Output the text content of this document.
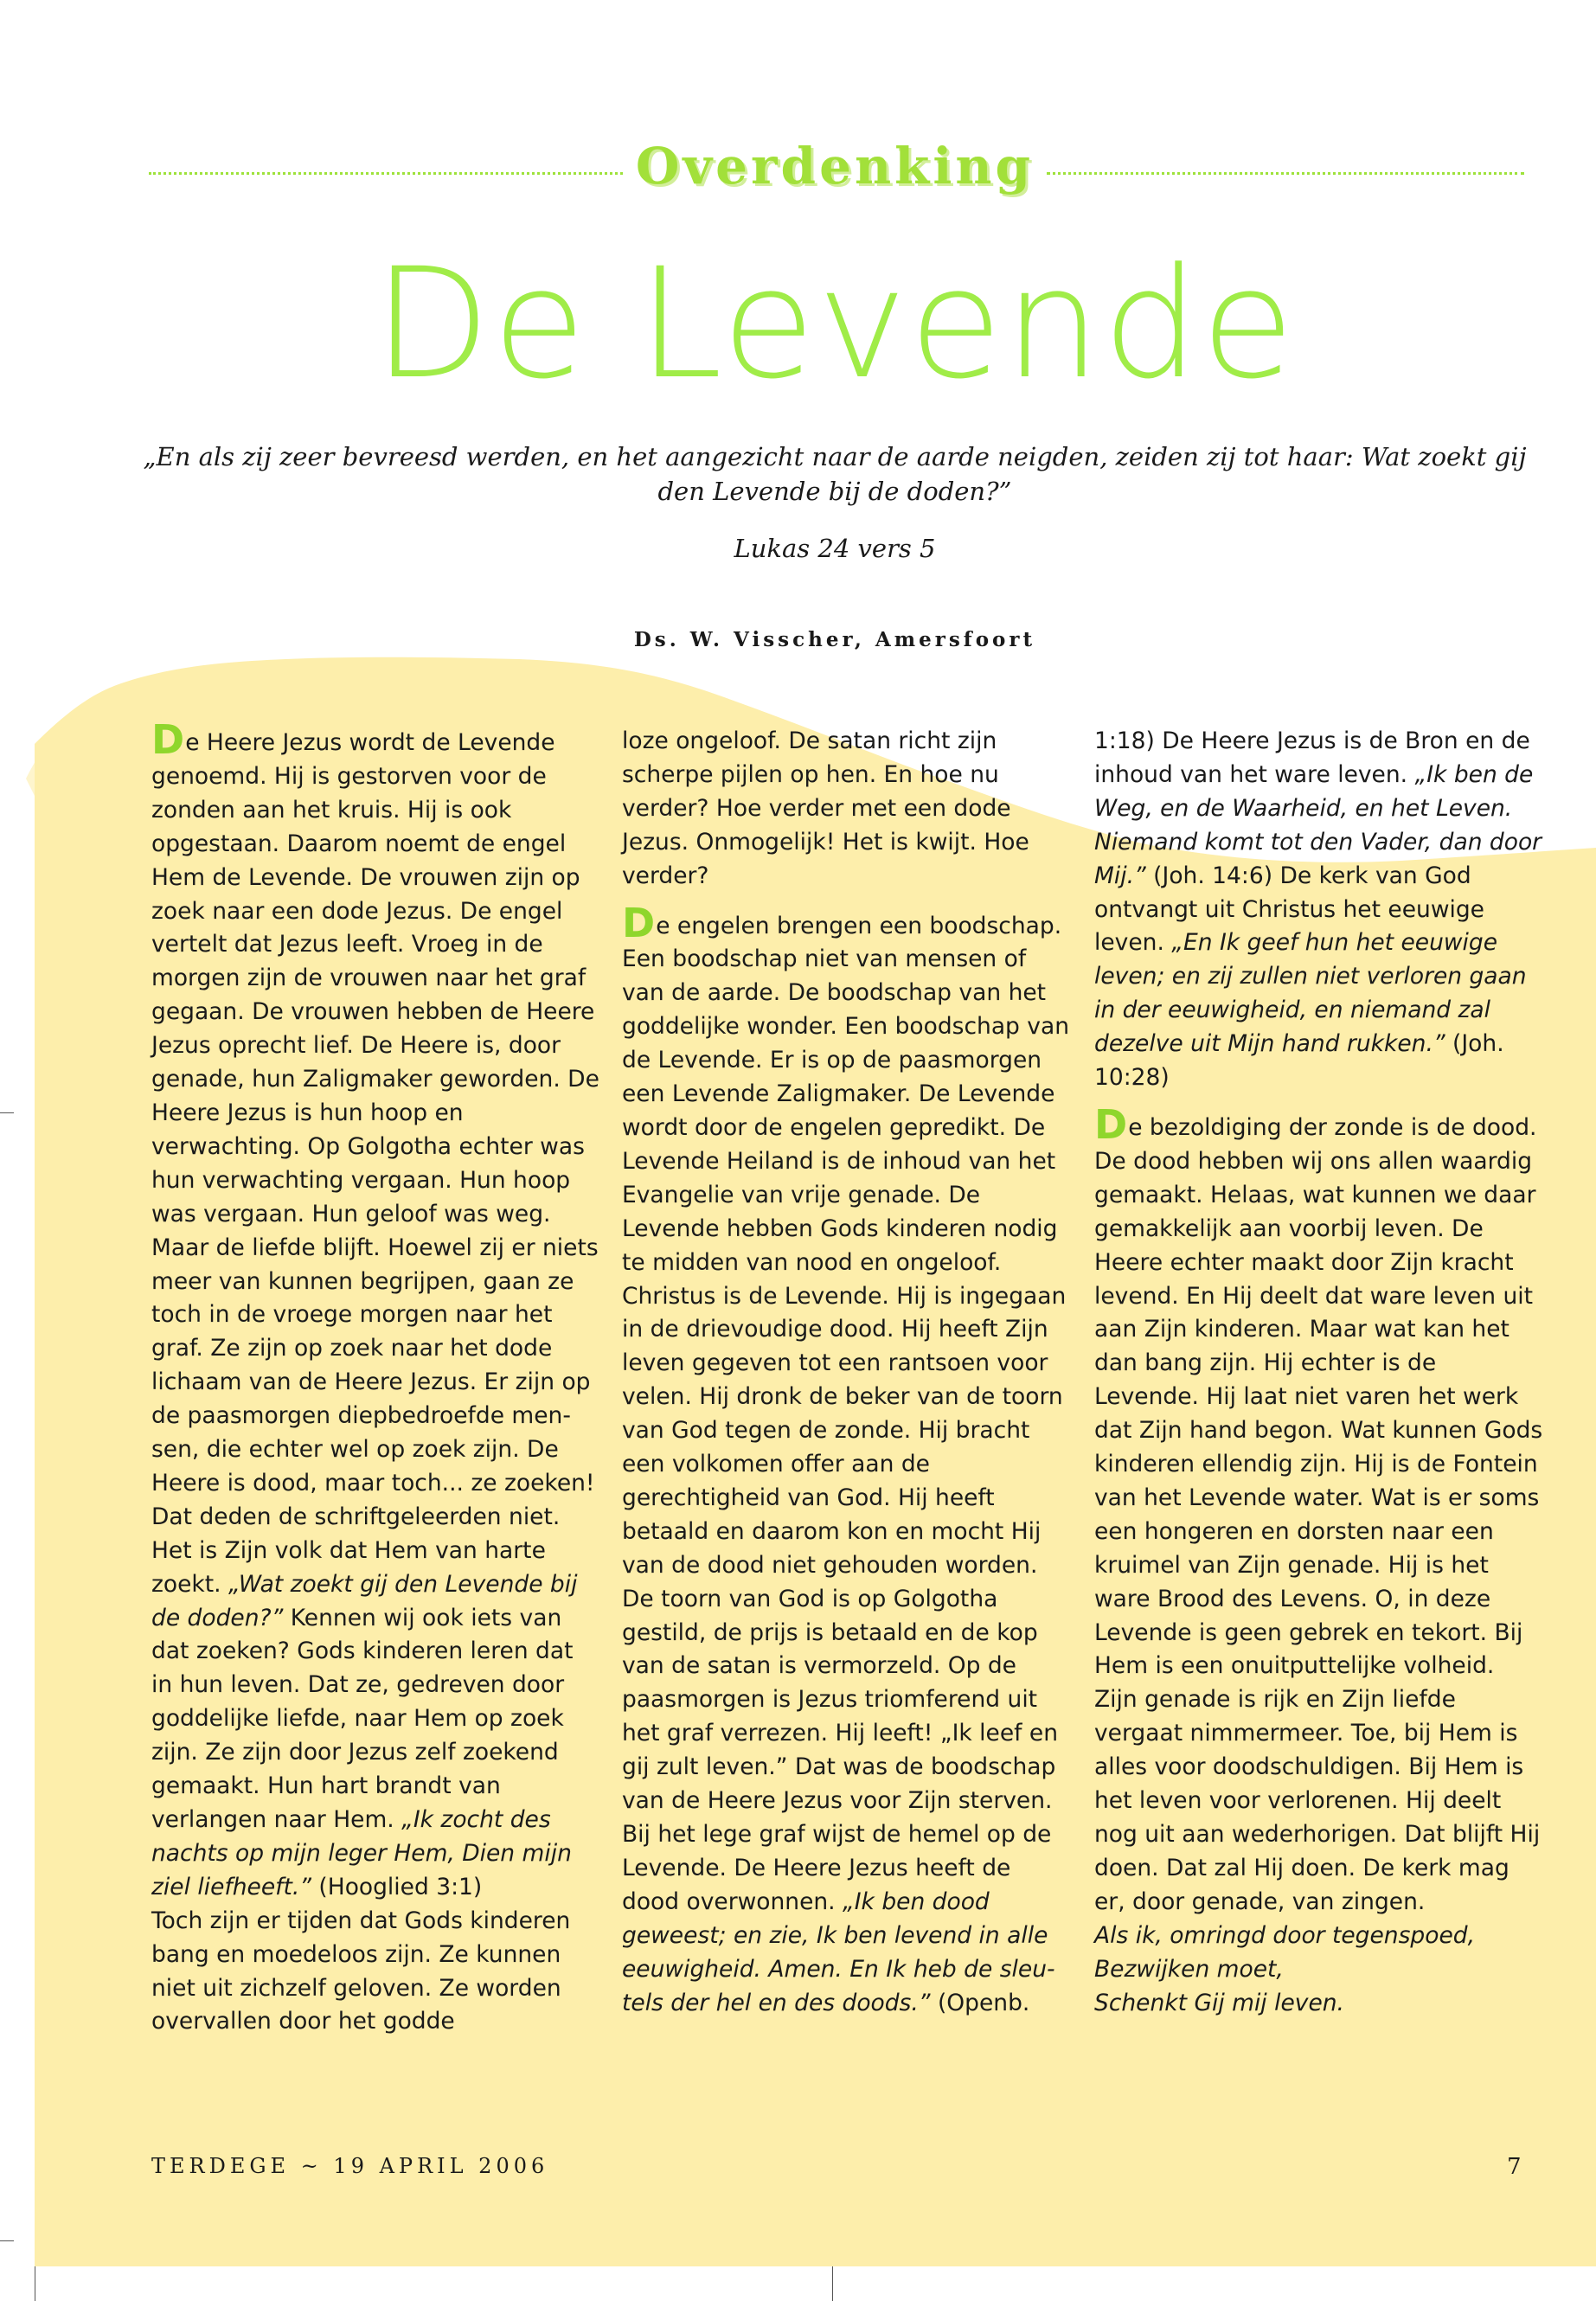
Overdenking
De Levende
„En als zij zeer bevreesd werden, en het aangezicht naar de aarde neigden, zeiden zij tot haar: Wat zoekt gij den Levende bij de doden?”
Lukas 24 vers 5
Ds. W. Visscher, Amersfoort

De Heere Jezus wordt de Levende genoemd. Hij is gestorven voor de zonden aan het kruis. Hij is ook opgestaan. Daarom noemt de engel Hem de Levende. De vrouwen zijn op zoek naar een dode Jezus. De engel vertelt dat Jezus leeft. Vroeg in de morgen zijn de vrouwen naar het graf gegaan. De vrouwen hebben de Heere Jezus oprecht lief. De Heere is, door genade, hun Zaligmaker geworden. De Heere Jezus is hun hoop en verwachting. Op Golgotha echter was hun verwachting vergaan. Hun hoop was vergaan. Hun geloof was weg. Maar de liefde blijft. Hoewel zij er niets meer van kunnen begrijpen, gaan ze toch in de vroege morgen naar het graf. Ze zijn op zoek naar het dode lichaam van de Heere Jezus. Er zijn op de paasmorgen diepbedroefde mensen, die echter wel op zoek zijn. De Heere is dood, maar toch... ze zoeken! Dat deden de schriftgeleerden niet. Het is Zijn volk dat Hem van harte zoekt. „Wat zoekt gij den Levende bij de doden?” Kennen wij ook iets van dat zoeken? Gods kinderen leren dat in hun leven. Dat ze, gedreven door goddelijke liefde, naar Hem op zoek zijn. Ze zijn door Jezus zelf zoekend gemaakt. Hun hart brandt van verlangen naar Hem. „Ik zocht des nachts op mijn leger Hem, Dien mijn ziel liefheeft.” (Hooglied 3:1)

Toch zijn er tijden dat Gods kinderen bang en moedeloos zijn. Ze kunnen niet uit zichzelf geloven. Ze worden overvallen door het godde

loze ongeloof. De satan richt zijn scherpe pijlen op hen. En hoe nu verder? Hoe verder met een dode Jezus. Onmogelijk! Het is kwijt. Hoe verder?

De engelen brengen een boodschap. Een boodschap niet van mensen of van de aarde. De boodschap van het goddelijke wonder. Een boodschap van de Levende. Er is op de paasmorgen een Levende Zaligmaker. De Levende wordt door de engelen gepredikt. De Levende Heiland is de inhoud van het Evangelie van vrije genade. De Levende hebben Gods kinderen nodig te midden van nood en ongeloof. Christus is de Levende. Hij is ingegaan in de drievoudige dood. Hij heeft Zijn leven gegeven tot een rantsoen voor velen. Hij dronk de beker van de toorn van God tegen de zonde. Hij bracht een volkomen offer aan de gerechtigheid van God. Hij heeft betaald en daarom kon en mocht Hij van de dood niet gehouden worden. De toorn van God is op Golgotha gestild, de prijs is betaald en de kop van de satan is vermorzeld. Op de paasmorgen is Jezus triomferend uit het graf verrezen. Hij leeft! „Ik leef en gij zult leven.” Dat was de boodschap van de Heere Jezus voor Zijn sterven. Bij het lege graf wijst de hemel op de Levende. De Heere Jezus heeft de dood overwonnen. „Ik ben dood geweest; en zie, Ik ben levend in alle eeuwigheid. Amen. En Ik heb de sleutels der hel en des doods.” (Openb.

1:18) De Heere Jezus is de Bron en de inhoud van het ware leven. „Ik ben de Weg, en de Waarheid, en het Leven. Niemand komt tot den Vader, dan door Mij.” (Joh. 14:6) De kerk van God ontvangt uit Christus het eeuwige leven. „En Ik geef hun het eeuwige leven; en zij zullen niet verloren gaan in der eeuwigheid, en niemand zal dezelve uit Mijn hand rukken.” (Joh. 10:28)

De bezoldiging der zonde is de dood. De dood hebben wij ons allen waardig gemaakt. Helaas, wat kunnen we daar gemakkelijk aan voorbij leven. De Heere echter maakt door Zijn kracht levend. En Hij deelt dat ware leven uit aan Zijn kinderen. Maar wat kan het dan bang zijn. Hij echter is de Levende. Hij laat niet varen het werk dat Zijn hand begon. Wat kunnen Gods kinderen ellendig zijn. Hij is de Fontein van het Levende water. Wat is er soms een hongeren en dorsten naar een kruimel van Zijn genade. Hij is het ware Brood des Levens. O, in deze Levende is geen gebrek en tekort. Bij Hem is een onuitputtelijke volheid. Zijn genade is rijk en Zijn liefde vergaat nimmermeer. Toe, bij Hem is alles voor doodschuldigen. Bij Hem is het leven voor verlorenen. Hij deelt nog uit aan wederhorigen. Dat blijft Hij doen. Dat zal Hij doen. De kerk mag er, door genade, van zingen.
Als ik, omringd door tegenspoed,
Bezwijken moet,
Schenkt Gij mij leven.

TERDEGE ~ 19 APRIL 2006	7
